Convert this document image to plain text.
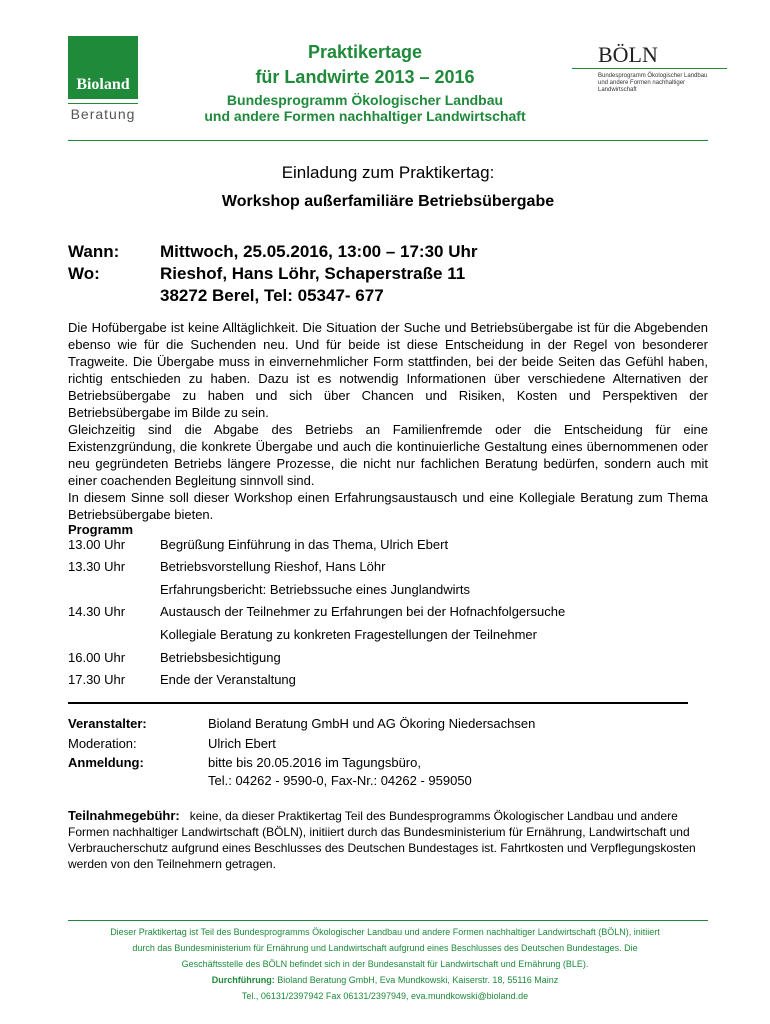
Bioland
Beratung
Praktikertage
für Landwirte 2013 – 2016
Bundesprogramm Ökologischer Landbau
und andere Formen nachhaltiger Landwirtschaft
BÖLN
Bundesprogramm Ökologischer Landbau
und andere Formen nachhaltiger
Landwirtschaft
Einladung zum Praktikertag:
Workshop außerfamiliäre Betriebsübergabe
Wann: Mittwoch, 25.05.2016, 13:00 – 17:30 Uhr
Wo:	Rieshof, Hans Löhr, Schaperstraße 11
38272 Berel, Tel: 05347- 677

Die Hofübergabe ist keine Alltäglichkeit. Die Situation der Suche und Betriebsübergabe ist für die Abgebenden ebenso wie für die Suchenden neu. Und für beide ist diese Entscheidung in der Regel von besonderer Tragweite. Die Übergabe muss in einvernehmlicher Form stattfinden, bei der beide Seiten das Gefühl haben, richtig entschieden zu haben. Dazu ist es notwendig Informationen über verschiedene Alternativen der Betriebsübergabe zu haben und sich über Chancen und Risiken, Kosten und Perspektiven der Betriebsübergabe im Bilde zu sein.

Gleichzeitig sind die Abgabe des Betriebs an Familienfremde oder die Entscheidung für eine Existenzgründung, die konkrete Übergabe und auch die kontinuierliche Gestaltung eines übernommenen oder neu gegründeten Betriebs längere Prozesse, die nicht nur fachlichen Beratung bedürfen, sondern auch mit einer coachenden Begleitung sinnvoll sind.

In diesem Sinne soll dieser Workshop einen Erfahrungsaustausch und eine Kollegiale Beratung zum Thema Betriebsübergabe bieten.

Programm
13.00 Uhr	Begrüßung Einführung in das Thema, Ulrich Ebert
13.30 Uhr	Betriebsvorstellung Rieshof, Hans Löhr
Erfahrungsbericht: Betriebssuche eines Junglandwirts
14.30 Uhr	Austausch der Teilnehmer zu Erfahrungen bei der Hofnachfolgersuche
Kollegiale Beratung zu konkreten Fragestellungen der Teilnehmer
16.00 Uhr	Betriebsbesichtigung
17.30 Uhr	Ende der Veranstaltung
Veranstalter:	Bioland Beratung GmbH und AG Ökoring Niedersachsen
Moderation:	Ulrich Ebert
Anmeldung:	bitte bis 20.05.2016 im Tagungsbüro,
Tel.: 04262 - 9590-0, Fax-Nr.: 04262 - 959050
Teilnahmegebühr: keine, da dieser Praktikertag Teil des Bundesprogramms Ökologischer Landbau und andere Formen nachhaltiger Landwirtschaft (BÖLN), initiiert durch das Bundesministerium für Ernährung, Landwirtschaft und Verbraucherschutz aufgrund eines Beschlusses des Deutschen Bundestages ist. Fahrtkosten und Verpflegungskosten werden von den Teilnehmern getragen.
Dieser Praktikertag ist Teil des Bundesprogramms Ökologischer Landbau und andere Formen nachhaltiger Landwirtschaft (BÖLN), initiiert
durch das Bundesministerium für Ernährung und Landwirtschaft aufgrund eines Beschlusses des Deutschen Bundestages. Die
Geschäftsstelle des BÖLN befindet sich in der Bundesanstalt für Landwirtschaft und Ernährung (BLE).
Durchführung: Bioland Beratung GmbH, Eva Mundkowski, Kaiserstr. 18, 55116 Mainz
Tel., 06131/2397942 Fax 06131/2397949, eva.mundkowski@bioland.de
